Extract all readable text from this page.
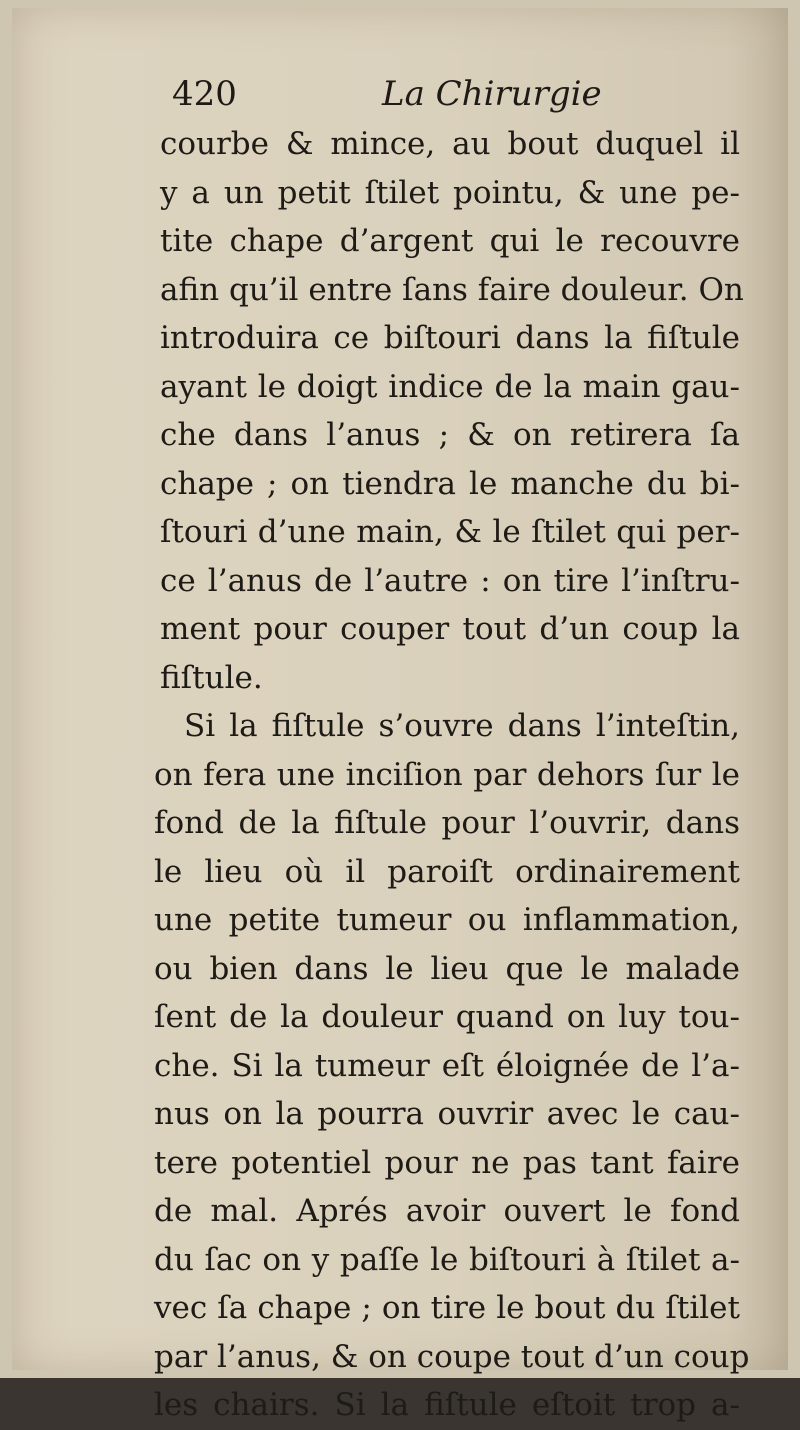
420	La Chirurgie
courbe & mince, au bout duquel il
y a un petit ſtilet pointu, & une pe-
tite chape d’argent qui le recouvre
afin qu’il entre ſans faire douleur. On
introduira ce biſtouri dans la fiſtule
ayant le doigt indice de la main gau-
che dans l’anus ; & on retirera ſa
chape ; on tiendra le manche du bi-
ſtouri d’une main, & le ſtilet qui per-
ce l’anus de l’autre : on tire l’inſtru-
ment pour couper tout d’un coup la
fiſtule.
Si la fiſtule s’ouvre dans l’inteſtin,
on fera une inciſion par dehors ſur le
fond de la fiſtule pour l’ouvrir, dans
le lieu où il paroiſt ordinairement
une petite tumeur ou inflammation,
ou bien dans le lieu que le malade
ſent de la douleur quand on luy tou-
che. Si la tumeur eſt éloignée de l’a-
nus on la pourra ouvrir avec le cau-
tere potentiel pour ne pas tant faire
de mal. Aprés avoir ouvert le fond
du ſac on y paſſe le biſtouri à ſtilet a-
vec ſa chape ; on tire le bout du ſtilet
par l’anus, & on coupe tout d’un coup
les chairs. Si la fiſtule eſtoit trop a-
